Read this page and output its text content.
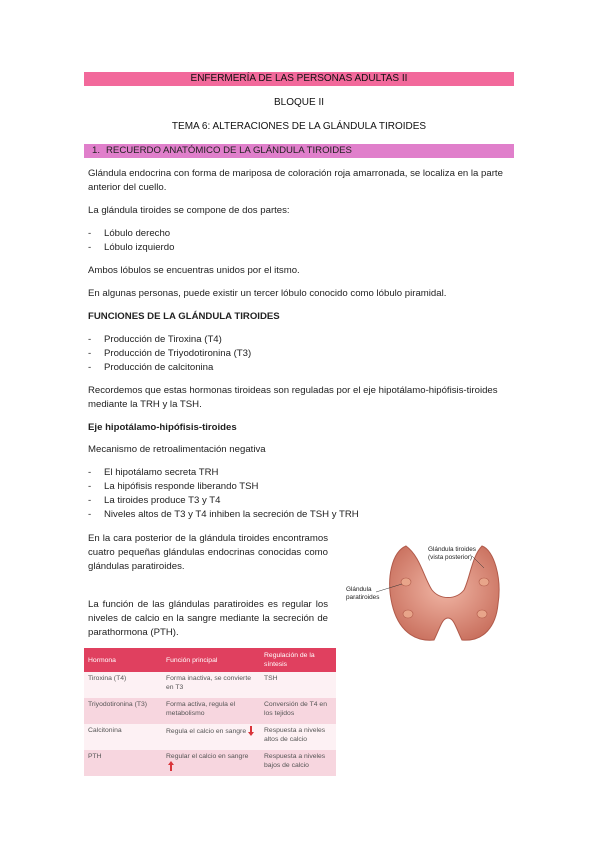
ENFERMERÍA DE LAS PERSONAS ADULTAS II
BLOQUE II
TEMA 6: ALTERACIONES DE LA GLÁNDULA TIROIDES
1. RECUERDO ANATÓMICO DE LA GLÁNDULA TIROIDES
Glándula endocrina con forma de mariposa de coloración roja amarronada, se localiza en la parte anterior del cuello.
La glándula tiroides se compone de dos partes:
- Lóbulo derecho
- Lóbulo izquierdo
Ambos lóbulos se encuentras unidos por el itsmo.
En algunas personas, puede existir un tercer lóbulo conocido como lóbulo piramidal.
FUNCIONES DE LA GLÁNDULA TIROIDES
- Producción de Tiroxina (T4)
- Producción de Triyodotironina (T3)
- Producción de calcitonina
Recordemos que estas hormonas tiroideas son reguladas por el eje hipotálamo-hipófisis-tiroides mediante la TRH y la TSH.
Eje hipotálamo-hipófisis-tiroides
Mecanismo de retroalimentación negativa
- El hipotálamo secreta TRH
- La hipófisis responde liberando TSH
- La tiroides produce T3 y T4
- Niveles altos de T3 y T4 inhiben la secreción de TSH y TRH
En la cara posterior de la glándula tiroides encontramos cuatro pequeñas glándulas endocrinas conocidas como glándulas paratiroides.
La función de las glándulas paratiroides es regular los niveles de calcio en la sangre mediante la secreción de parathormona (PTH).
Glándula tiroides (vista posterior)
Glándula paratiroides
Hormona	Función principal	Regulación de la síntesis
Tiroxina (T4)	Forma inactiva, se convierte en T3	TSH
Triyodotironina (T3)	Forma activa, regula el metabolismo	Conversión de T4 en los tejidos
Calcitonina	Regula el calcio en sangre	Respuesta a niveles altos de calcio
PTH	Regular el calcio en sangre	Respuesta a niveles bajos de calcio
